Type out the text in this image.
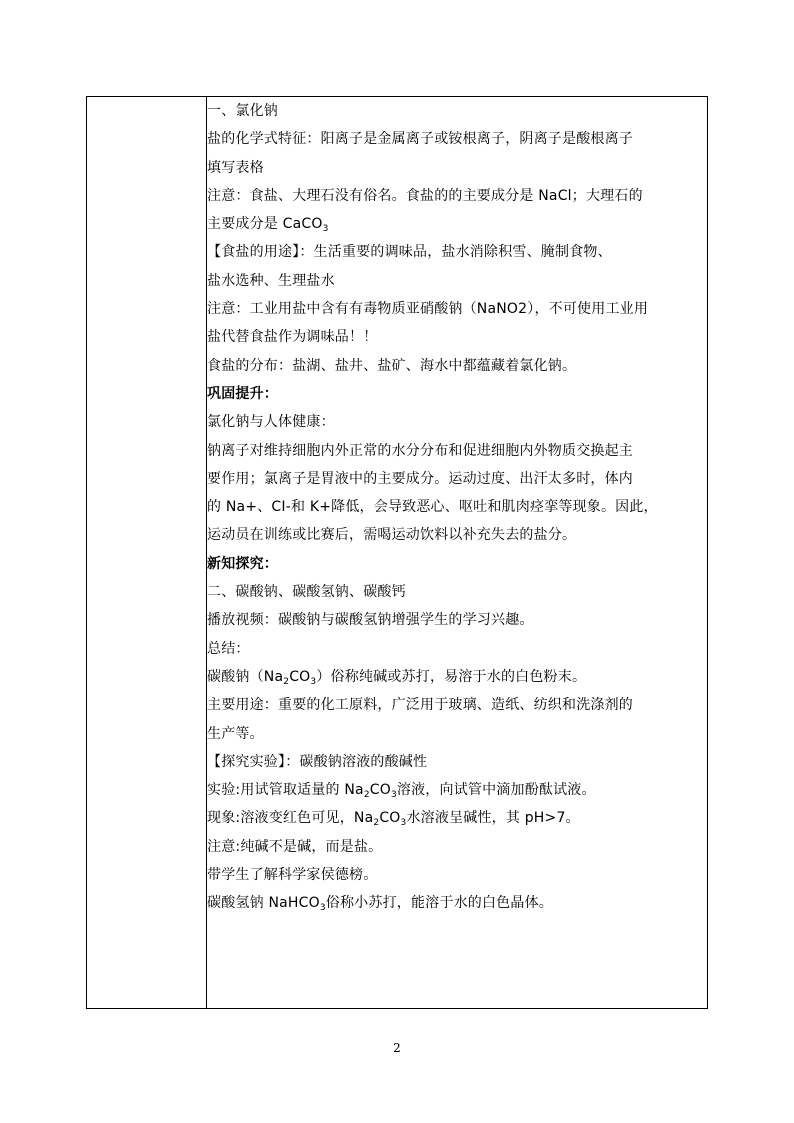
一、氯化钠
盐的化学式特征：阳离子是金属离子或铵根离子，阴离子是酸根离子
填写表格
注意：食盐、大理石没有俗名。食盐的的主要成分是 NaCl；大理石的
主要成分是 CaCO$_3$
【食盐的用途】：生活重要的调味品，盐水消除积雪、腌制食物、
盐水选种、生理盐水
注意：工业用盐中含有有毒物质亚硝酸钠（NaNO2），不可使用工业用
盐代替食盐作为调味品！！
食盐的分布：盐湖、盐井、盐矿、海水中都蕴藏着氯化钠。
巩固提升：
氯化钠与人体健康：
钠离子对维持细胞内外正常的水分分布和促进细胞内外物质交换起主
要作用；氯离子是胃液中的主要成分。运动过度、出汗太多时，体内
的 Na+、CI-和 K+降低，会导致恶心、呕吐和肌肉痉挛等现象。因此，
运动员在训练或比赛后，需喝运动饮料以补充失去的盐分。
新知探究：
二、碳酸钠、碳酸氢钠、碳酸钙
播放视频：碳酸钠与碳酸氢钠增强学生的学习兴趣。
总结：
碳酸钠$(Na_2CO_3)$俗称纯碱或苏打，易溶于水的白色粉末。
主要用途：重要的化工原料，广泛用于玻璃、造纸、纺织和洗涤剂的
生产等。
【探究实验】：碳酸钠溶液的酸碱性
实验:用试管取适量的 $Na_2CO_3$溶液，向试管中滴加酚酞试液。
现象:溶液变红色可见，$Na_2CO_3$水溶液呈碱性，其 pH>7。
注意:纯碱不是碱，而是盐。
带学生了解科学家侯德榜。
碳酸氢钠 NaHCO$_3$俗称小苏打，能溶于水的白色晶体。
2
